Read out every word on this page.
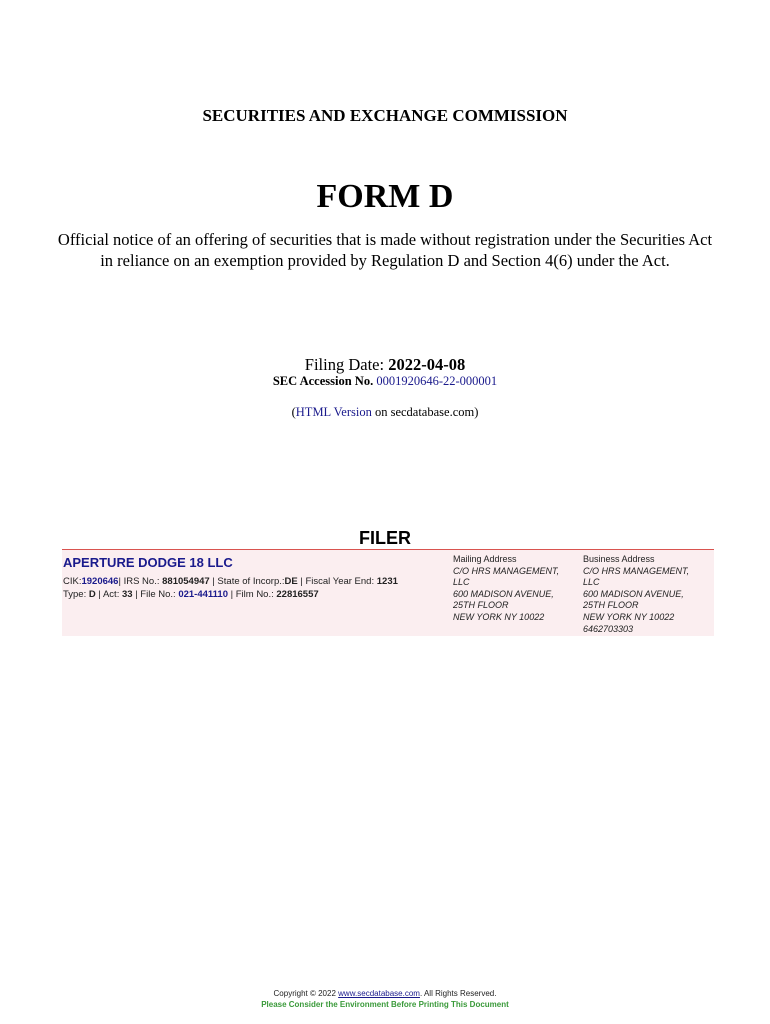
SECURITIES AND EXCHANGE COMMISSION
FORM D
Official notice of an offering of securities that is made without registration under the Securities Act in reliance on an exemption provided by Regulation D and Section 4(6) under the Act.
Filing Date: 2022-04-08
SEC Accession No. 0001920646-22-000001
(HTML Version on secdatabase.com)
FILER
APERTURE DODGE 18 LLC
CIK:1920646| IRS No.: 881054947 | State of Incorp.:DE | Fiscal Year End: 1231
Type: D | Act: 33 | File No.: 021-441110 | Film No.: 22816557
Mailing Address
C/O HRS MANAGEMENT,
LLC
600 MADISON AVENUE,
25TH FLOOR
NEW YORK NY 10022
Business Address
C/O HRS MANAGEMENT,
LLC
600 MADISON AVENUE,
25TH FLOOR
NEW YORK NY 10022
6462703303
Copyright © 2022 www.secdatabase.com. All Rights Reserved.
Please Consider the Environment Before Printing This Document
